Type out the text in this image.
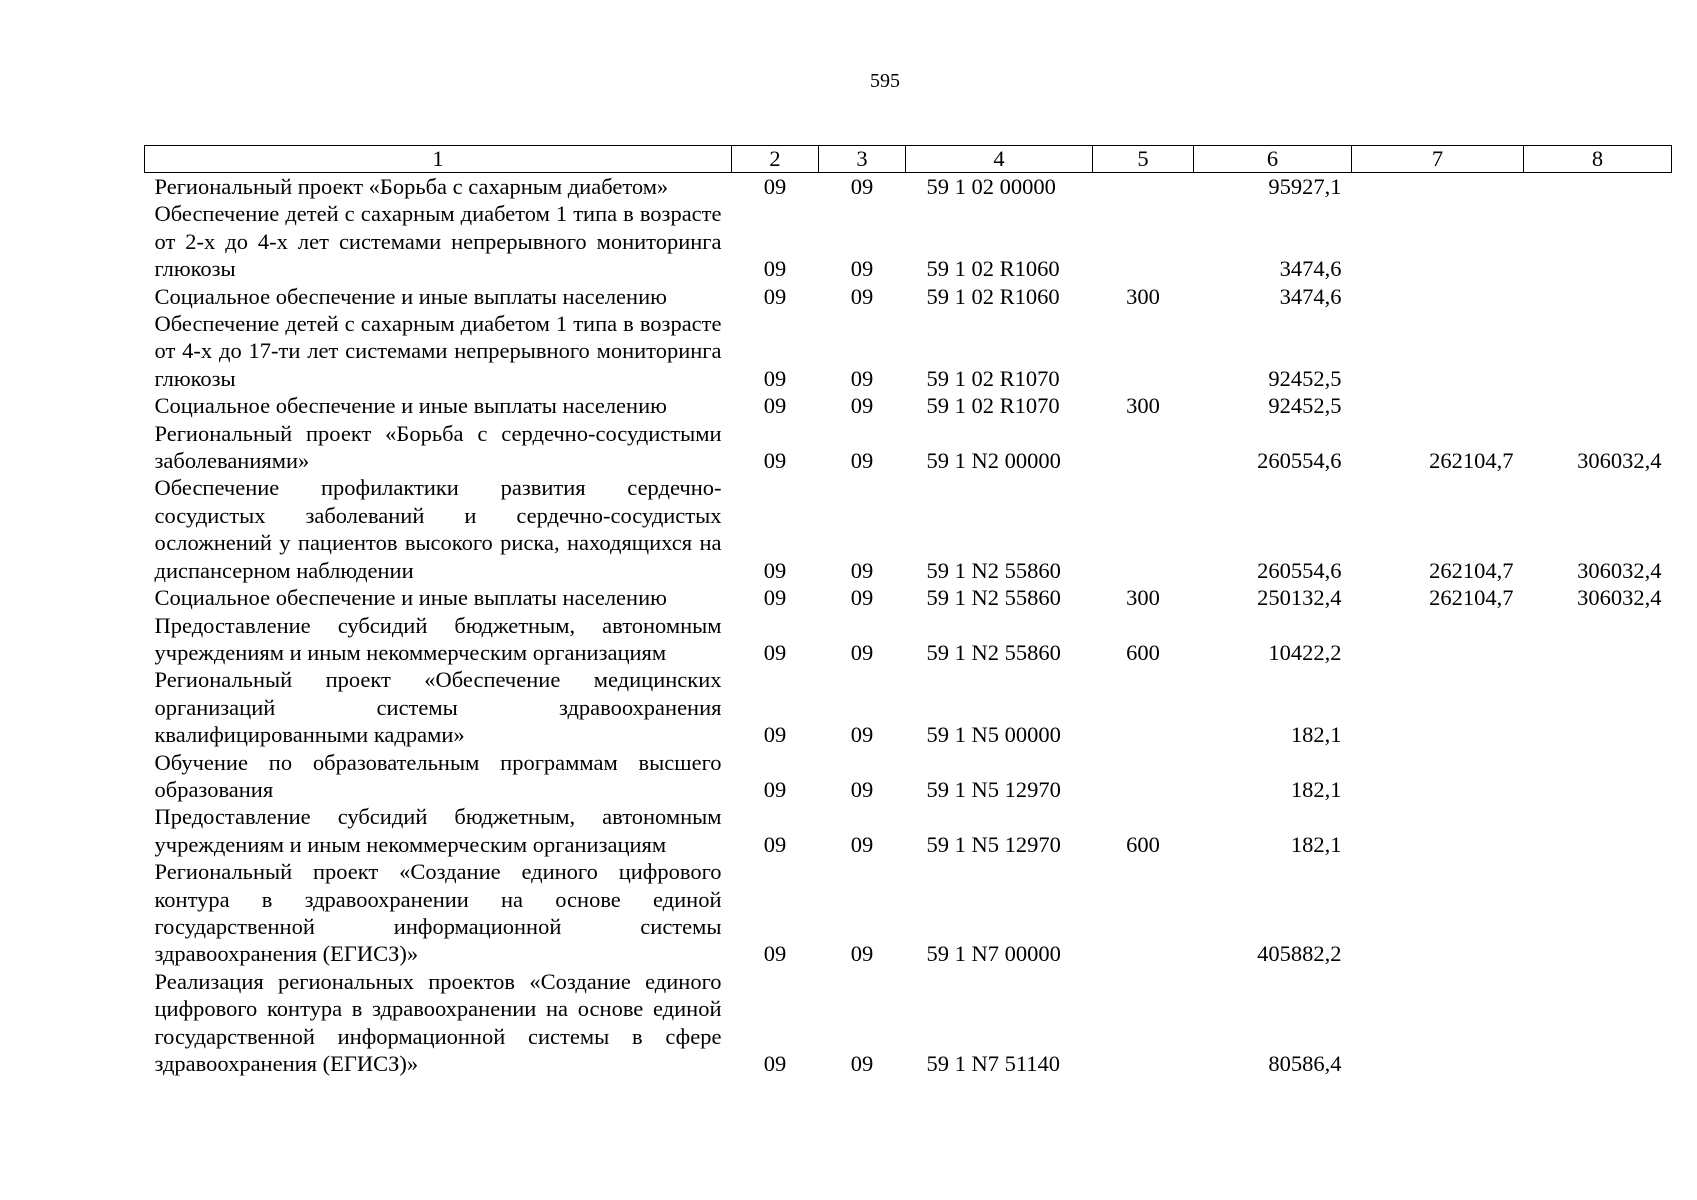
595
1	2	3	4	5	6	7	8
Региональный проект «Борьба с сахарным диабетом»	09	09	59 1 02 00000		95927,1		
Обеспечение детей с сахарным диабетом 1 типа в возрасте от 2-х до 4-х лет системами непрерывного мониторинга глюкозы	09	09	59 1 02 R1060		3474,6		
Социальное обеспечение и иные выплаты населению	09	09	59 1 02 R1060	300	3474,6		
Обеспечение детей с сахарным диабетом 1 типа в возрасте от 4-х до 17-ти лет системами непрерывного мониторинга глюкозы	09	09	59 1 02 R1070		92452,5		
Социальное обеспечение и иные выплаты населению	09	09	59 1 02 R1070	300	92452,5		
Региональный проект «Борьба с сердечно-сосудистыми заболеваниями»	09	09	59 1 N2 00000		260554,6	262104,7	306032,4
Обеспечение профилактики развития сердечно-сосудистых заболеваний и сердечно-сосудистых осложнений у пациентов высокого риска, находящихся на диспансерном наблюдении	09	09	59 1 N2 55860		260554,6	262104,7	306032,4
Социальное обеспечение и иные выплаты населению	09	09	59 1 N2 55860	300	250132,4	262104,7	306032,4
Предоставление субсидий бюджетным, автономным учреждениям и иным некоммерческим организациям	09	09	59 1 N2 55860	600	10422,2		
Региональный проект «Обеспечение медицинских организаций системы здравоохранения квалифицированными кадрами»	09	09	59 1 N5 00000		182,1		
Обучение по образовательным программам высшего образования	09	09	59 1 N5 12970		182,1		
Предоставление субсидий бюджетным, автономным учреждениям и иным некоммерческим организациям	09	09	59 1 N5 12970	600	182,1		
Региональный проект «Создание единого цифрового контура в здравоохранении на основе единой государственной информационной системы здравоохранения (ЕГИСЗ)»	09	09	59 1 N7 00000		405882,2		
Реализация региональных проектов «Создание единого цифрового контура в здравоохранении на основе единой государственной информационной системы в сфере здравоохранения (ЕГИСЗ)»	09	09	59 1 N7 51140		80586,4		
